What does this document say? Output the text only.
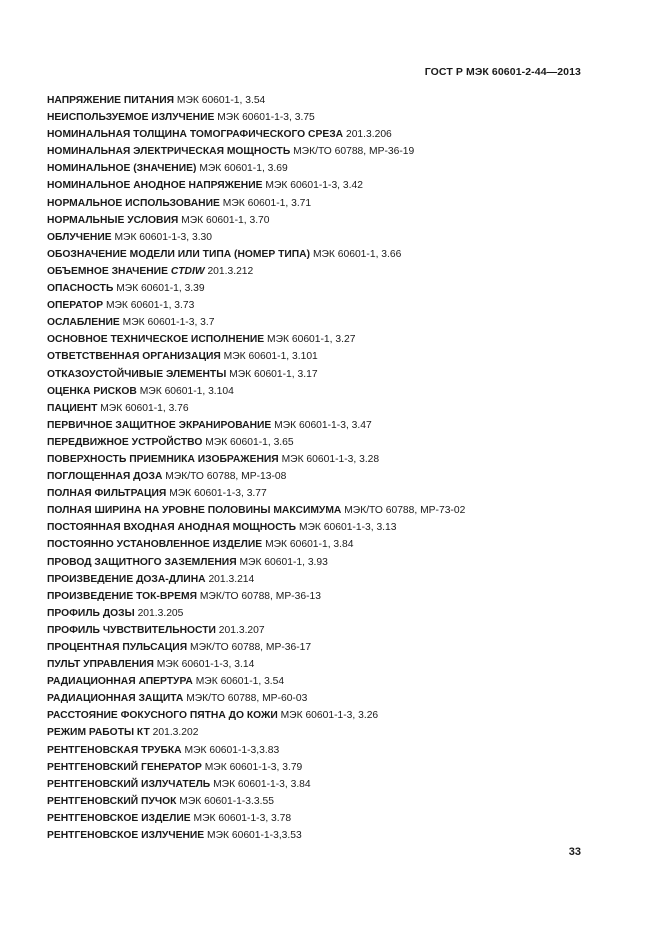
ГОСТ Р МЭК 60601-2-44—2013
НАПРЯЖЕНИЕ ПИТАНИЯ МЭК 60601-1, 3.54
НЕИСПОЛЬЗУЕМОЕ ИЗЛУЧЕНИЕ МЭК 60601-1-3, 3.75
НОМИНАЛЬНАЯ ТОЛЩИНА ТОМОГРАФИЧЕСКОГО СРЕЗА 201.3.206
НОМИНАЛЬНАЯ ЭЛЕКТРИЧЕСКАЯ МОЩНОСТЬ МЭК/ТО 60788, МР-36-19
НОМИНАЛЬНОЕ (ЗНАЧЕНИЕ) МЭК 60601-1, 3.69
НОМИНАЛЬНОЕ АНОДНОЕ НАПРЯЖЕНИЕ МЭК 60601-1-3, 3.42
НОРМАЛЬНОЕ ИСПОЛЬЗОВАНИЕ МЭК 60601-1, 3.71
НОРМАЛЬНЫЕ УСЛОВИЯ МЭК 60601-1, 3.70
ОБЛУЧЕНИЕ МЭК 60601-1-3, 3.30
ОБОЗНАЧЕНИЕ МОДЕЛИ ИЛИ ТИПА (НОМЕР ТИПА) МЭК 60601-1, 3.66
ОБЪЕМНОЕ ЗНАЧЕНИЕ CTDIW 201.3.212
ОПАСНОСТЬ МЭК 60601-1, 3.39
ОПЕРАТОР МЭК 60601-1, 3.73
ОСЛАБЛЕНИЕ МЭК 60601-1-3, 3.7
ОСНОВНОЕ ТЕХНИЧЕСКОЕ ИСПОЛНЕНИЕ МЭК 60601-1, 3.27
ОТВЕТСТВЕННАЯ ОРГАНИЗАЦИЯ МЭК 60601-1, 3.101
ОТКАЗОУСТОЙЧИВЫЕ ЭЛЕМЕНТЫ МЭК 60601-1, 3.17
ОЦЕНКА РИСКОВ МЭК 60601-1, 3.104
ПАЦИЕНТ МЭК 60601-1, 3.76
ПЕРВИЧНОЕ ЗАЩИТНОЕ ЭКРАНИРОВАНИЕ МЭК 60601-1-3, 3.47
ПЕРЕДВИЖНОЕ УСТРОЙСТВО МЭК 60601-1, 3.65
ПОВЕРХНОСТЬ ПРИЕМНИКА ИЗОБРАЖЕНИЯ МЭК 60601-1-3, 3.28
ПОГЛОЩЕННАЯ ДОЗА МЭК/ТО 60788, МР-13-08
ПОЛНАЯ ФИЛЬТРАЦИЯ МЭК 60601-1-3, 3.77
ПОЛНАЯ ШИРИНА НА УРОВНЕ ПОЛОВИНЫ МАКСИМУМА МЭК/ТО 60788, МР-73-02
ПОСТОЯННАЯ ВХОДНАЯ АНОДНАЯ МОЩНОСТЬ МЭК 60601-1-3, 3.13
ПОСТОЯННО УСТАНОВЛЕННОЕ ИЗДЕЛИЕ МЭК 60601-1, 3.84
ПРОВОД ЗАЩИТНОГО ЗАЗЕМЛЕНИЯ МЭК 60601-1, 3.93
ПРОИЗВЕДЕНИЕ ДОЗА-ДЛИНА 201.3.214
ПРОИЗВЕДЕНИЕ ТОК-ВРЕМЯ МЭК/ТО 60788, МР-36-13
ПРОФИЛЬ ДОЗЫ 201.3.205
ПРОФИЛЬ ЧУВСТВИТЕЛЬНОСТИ 201.3.207
ПРОЦЕНТНАЯ ПУЛЬСАЦИЯ МЭК/ТО 60788, МР-36-17
ПУЛЬТ УПРАВЛЕНИЯ МЭК 60601-1-3, 3.14
РАДИАЦИОННАЯ АПЕРТУРА МЭК 60601-1, 3.54
РАДИАЦИОННАЯ ЗАЩИТА МЭК/ТО 60788, МР-60-03
РАССТОЯНИЕ ФОКУСНОГО ПЯТНА ДО КОЖИ МЭК 60601-1-3, 3.26
РЕЖИМ РАБОТЫ КТ 201.3.202
РЕНТГЕНОВСКАЯ ТРУБКА МЭК 60601-1-3,3.83
РЕНТГЕНОВСКИЙ ГЕНЕРАТОР МЭК 60601-1-3, 3.79
РЕНТГЕНОВСКИЙ ИЗЛУЧАТЕЛЬ МЭК 60601-1-3, 3.84
РЕНТГЕНОВСКИЙ ПУЧОК МЭК 60601-1-3.3.55
РЕНТГЕНОВСКОЕ ИЗДЕЛИЕ МЭК 60601-1-3, 3.78
РЕНТГЕНОВСКОЕ ИЗЛУЧЕНИЕ МЭК 60601-1-3,3.53
33
